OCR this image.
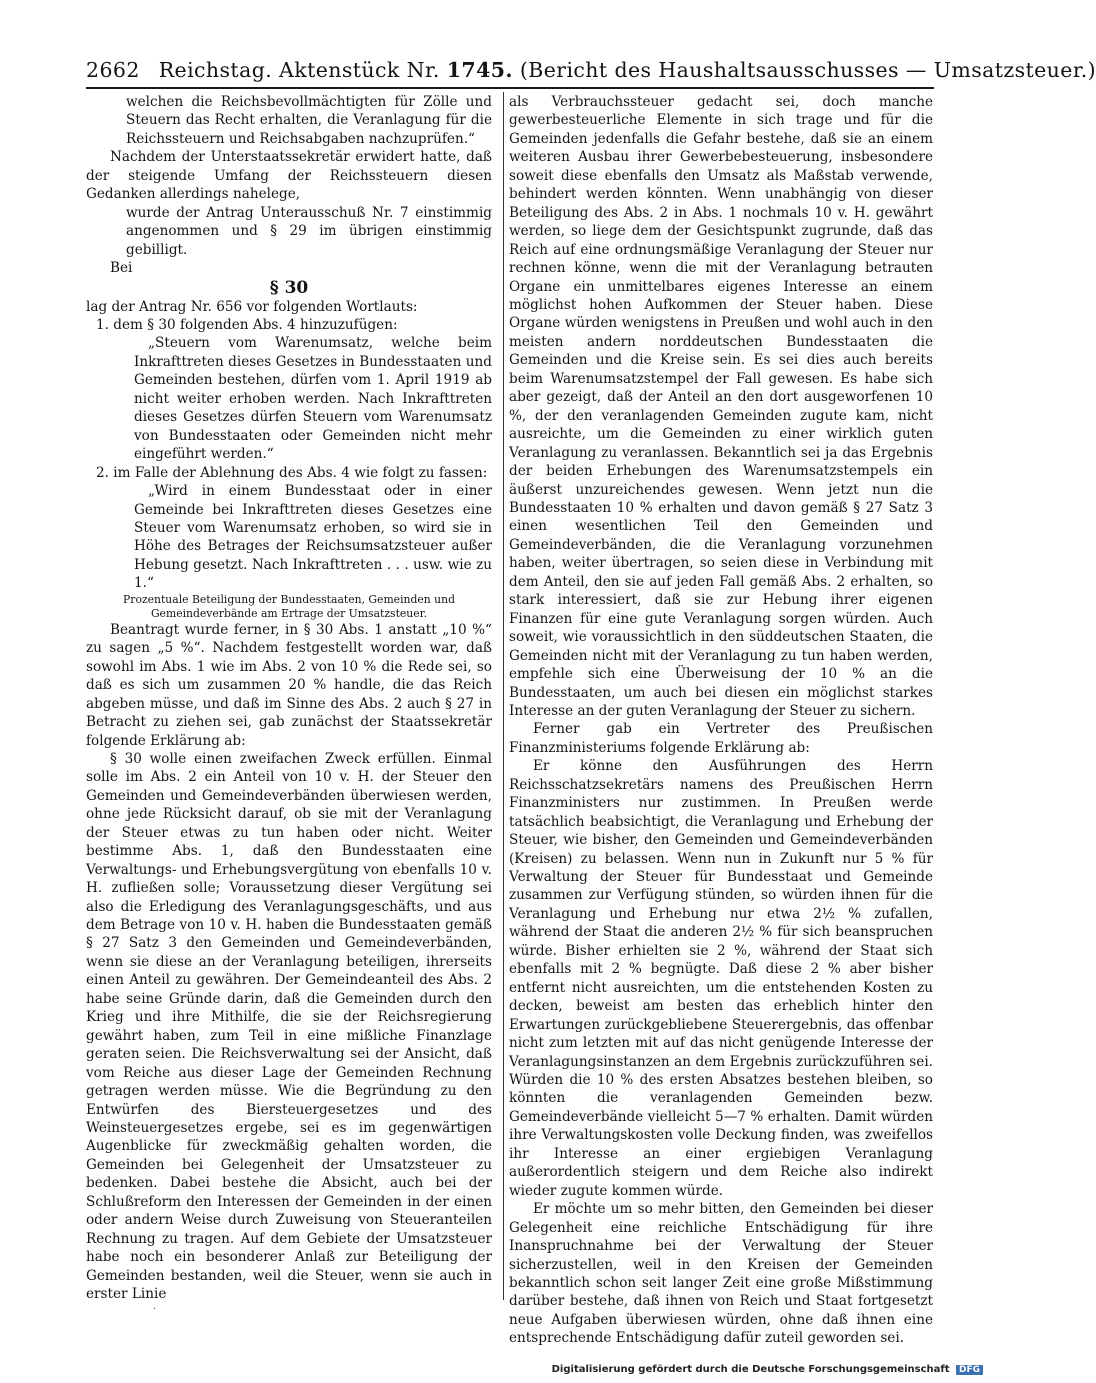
2662 Reichstag. Aktenstück Nr. 1745. (Bericht des Haushaltsausschusses — Umsatzsteuer.)

welchen die Reichsbevollmächtigten für Zölle und Steuern das Recht erhalten, die Veranlagung für die Reichssteuern und Reichsabgaben nachzuprüfen.“

Nachdem der Unterstaatssekretär erwidert hatte, daß der steigende Umfang der Reichssteuern diesen Gedanken allerdings nahelege,

wurde der Antrag Unterausschuß Nr. 7 einstimmig angenommen und § 29 im übrigen einstimmig gebilligt.

Bei

§ 30

lag der Antrag Nr. 656 vor folgenden Wortlauts:

1. dem § 30 folgenden Abs. 4 hinzuzufügen:

„Steuern vom Warenumsatz, welche beim Inkrafttreten dieses Gesetzes in Bundesstaaten und Gemeinden bestehen, dürfen vom 1. April 1919 ab nicht weiter erhoben werden. Nach Inkrafttreten dieses Gesetzes dürfen Steuern vom Warenumsatz von Bundesstaaten oder Gemeinden nicht mehr eingeführt werden.“

2. im Falle der Ablehnung des Abs. 4 wie folgt zu fassen:

„Wird in einem Bundesstaat oder in einer Gemeinde bei Inkrafttreten dieses Gesetzes eine Steuer vom Warenumsatz erhoben, so wird sie in Höhe des Betrages der Reichsumsatzsteuer außer Hebung gesetzt. Nach Inkrafttreten . . . usw. wie zu 1.“

Prozentuale Beteiligung der Bundesstaaten, Gemeinden und Gemeindeverbände am Ertrage der Umsatzsteuer.

Beantragt wurde ferner, in § 30 Abs. 1 anstatt „10 %“ zu sagen „5 %“. Nachdem festgestellt worden war, daß sowohl im Abs. 1 wie im Abs. 2 von 10 % die Rede sei, so daß es sich um zusammen 20 % handle, die das Reich abgeben müsse, und daß im Sinne des Abs. 2 auch § 27 in Betracht zu ziehen sei, gab zunächst der Staatssekretär folgende Erklärung ab:

§ 30 wolle einen zweifachen Zweck erfüllen. Einmal solle im Abs. 2 ein Anteil von 10 v. H. der Steuer den Gemeinden und Gemeindeverbänden überwiesen werden, ohne jede Rücksicht darauf, ob sie mit der Veranlagung der Steuer etwas zu tun haben oder nicht. Weiter bestimme Abs. 1, daß den Bundesstaaten eine Verwaltungs- und Erhebungsvergütung von ebenfalls 10 v. H. zufließen solle; Voraussetzung dieser Vergütung sei also die Erledigung des Veranlagungsgeschäfts, und aus dem Betrage von 10 v. H. haben die Bundesstaaten gemäß § 27 Satz 3 den Gemeinden und Gemeindeverbänden, wenn sie diese an der Veranlagung beteiligen, ihrerseits einen Anteil zu gewähren. Der Gemeindeanteil des Abs. 2 habe seine Gründe darin, daß die Gemeinden durch den Krieg und ihre Mithilfe, die sie der Reichsregierung gewährt haben, zum Teil in eine mißliche Finanzlage geraten seien. Die Reichsverwaltung sei der Ansicht, daß vom Reiche aus dieser Lage der Gemeinden Rechnung getragen werden müsse. Wie die Begründung zu den Entwürfen des Biersteuergesetzes und des Weinsteuergesetzes ergebe, sei es im gegenwärtigen Augenblicke für zweckmäßig gehalten worden, die Gemeinden bei Gelegenheit der Umsatzsteuer zu bedenken. Dabei bestehe die Absicht, auch bei der Schlußreform den Interessen der Gemeinden in der einen oder andern Weise durch Zuweisung von Steueranteilen Rechnung zu tragen. Auf dem Gebiete der Umsatzsteuer habe noch ein besonderer Anlaß zur Beteiligung der Gemeinden bestanden, weil die Steuer, wenn sie auch in erster Linie

als Verbrauchssteuer gedacht sei, doch manche gewerbesteuerliche Elemente in sich trage und für die Gemeinden jedenfalls die Gefahr bestehe, daß sie an einem weiteren Ausbau ihrer Gewerbebesteuerung, insbesondere soweit diese ebenfalls den Umsatz als Maßstab verwende, behindert werden könnten. Wenn unabhängig von dieser Beteiligung des Abs. 2 in Abs. 1 nochmals 10 v. H. gewährt werden, so liege dem der Gesichtspunkt zugrunde, daß das Reich auf eine ordnungsmäßige Veranlagung der Steuer nur rechnen könne, wenn die mit der Veranlagung betrauten Organe ein unmittelbares eigenes Interesse an einem möglichst hohen Aufkommen der Steuer haben. Diese Organe würden wenigstens in Preußen und wohl auch in den meisten andern norddeutschen Bundesstaaten die Gemeinden und die Kreise sein. Es sei dies auch bereits beim Warenumsatzstempel der Fall gewesen. Es habe sich aber gezeigt, daß der Anteil an den dort ausgeworfenen 10 %, der den veranlagenden Gemeinden zugute kam, nicht ausreichte, um die Gemeinden zu einer wirklich guten Veranlagung zu veranlassen. Bekanntlich sei ja das Ergebnis der beiden Erhebungen des Warenumsatzstempels ein äußerst unzureichendes gewesen. Wenn jetzt nun die Bundesstaaten 10 % erhalten und davon gemäß § 27 Satz 3 einen wesentlichen Teil den Gemeinden und Gemeindeverbänden, die die Veranlagung vorzunehmen haben, weiter übertragen, so seien diese in Verbindung mit dem Anteil, den sie auf jeden Fall gemäß Abs. 2 erhalten, so stark interessiert, daß sie zur Hebung ihrer eigenen Finanzen für eine gute Veranlagung sorgen würden. Auch soweit, wie voraussichtlich in den süddeutschen Staaten, die Gemeinden nicht mit der Veranlagung zu tun haben werden, empfehle sich eine Überweisung der 10 % an die Bundesstaaten, um auch bei diesen ein möglichst starkes Interesse an der guten Veranlagung der Steuer zu sichern.

Ferner gab ein Vertreter des Preußischen Finanzministeriums folgende Erklärung ab:

Er könne den Ausführungen des Herrn Reichsschatzsekretärs namens des Preußischen Herrn Finanzministers nur zustimmen. In Preußen werde tatsächlich beabsichtigt, die Veranlagung und Erhebung der Steuer, wie bisher, den Gemeinden und Gemeindeverbänden (Kreisen) zu belassen. Wenn nun in Zukunft nur 5 % für Verwaltung der Steuer für Bundesstaat und Gemeinde zusammen zur Verfügung stünden, so würden ihnen für die Veranlagung und Erhebung nur etwa 2½ % zufallen, während der Staat die anderen 2½ % für sich beanspruchen würde. Bisher erhielten sie 2 %, während der Staat sich ebenfalls mit 2 % begnügte. Daß diese 2 % aber bisher entfernt nicht ausreichten, um die entstehenden Kosten zu decken, beweist am besten das erheblich hinter den Erwartungen zurückgebliebene Steuerergebnis, das offenbar nicht zum letzten mit auf das nicht genügende Interesse der Veranlagungsinstanzen an dem Ergebnis zurückzuführen sei. Würden die 10 % des ersten Absatzes bestehen bleiben, so könnten die veranlagenden Gemeinden bezw. Gemeindeverbände vielleicht 5—7 % erhalten. Damit würden ihre Verwaltungskosten volle Deckung finden, was zweifellos ihr Interesse an einer ergiebigen Veranlagung außerordentlich steigern und dem Reiche also indirekt wieder zugute kommen würde.

Er möchte um so mehr bitten, den Gemeinden bei dieser Gelegenheit eine reichliche Entschädigung für ihre Inanspruchnahme bei der Verwaltung der Steuer sicherzustellen, weil in den Kreisen der Gemeinden bekanntlich schon seit langer Zeit eine große Mißstimmung darüber bestehe, daß ihnen von Reich und Staat fortgesetzt neue Aufgaben überwiesen würden, ohne daß ihnen eine entsprechende Entschädigung dafür zuteil geworden sei.

·
Digitalisierung gefördert durch die Deutsche Forschungsgemeinschaft DFG
